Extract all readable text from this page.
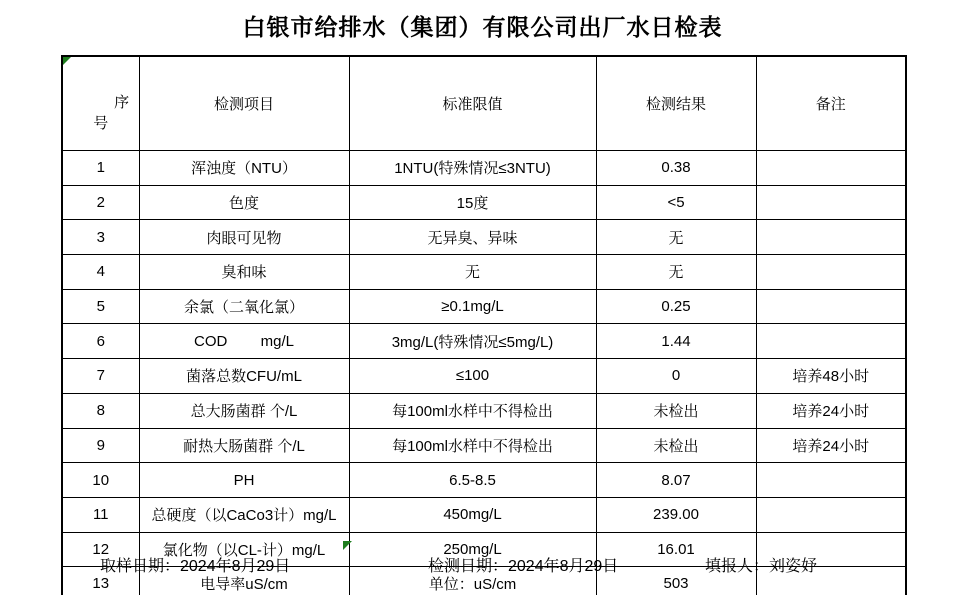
白银市给排水（集团）有限公司出厂水日检表

序号	检测项目	标准限值	检测结果	备注
1	浑浊度（NTU）	1NTU(特殊情况≤3NTU)	0.38	
2	色度	15度	<5	
3	肉眼可见物	无异臭、异味	无	
4	臭和味	无	无	
5	余氯（二氧化氯）	≥0.1mg/L	0.25	
6	COD        mg/L	3mg/L(特殊情况≤5mg/L)	1.44	
7	菌落总数CFU/mL	≤100	0	培养48小时
8	总大肠菌群 个/L	每100ml水样中不得检出	未检出	培养24小时
9	耐热大肠菌群 个/L	每100ml水样中不得检出	未检出	培养24小时
10	PH	6.5-8.5	8.07	
11	总硬度（以CaCo3计）mg/L	450mg/L	239.00	
12	氯化物（以CL-计）mg/L	250mg/L	16.01	
13	电导率uS/cm	单位：uS/cm	503	
取样日期：2024年8月29日	检测日期：2024年8月29日	填报人：刘姿妤
